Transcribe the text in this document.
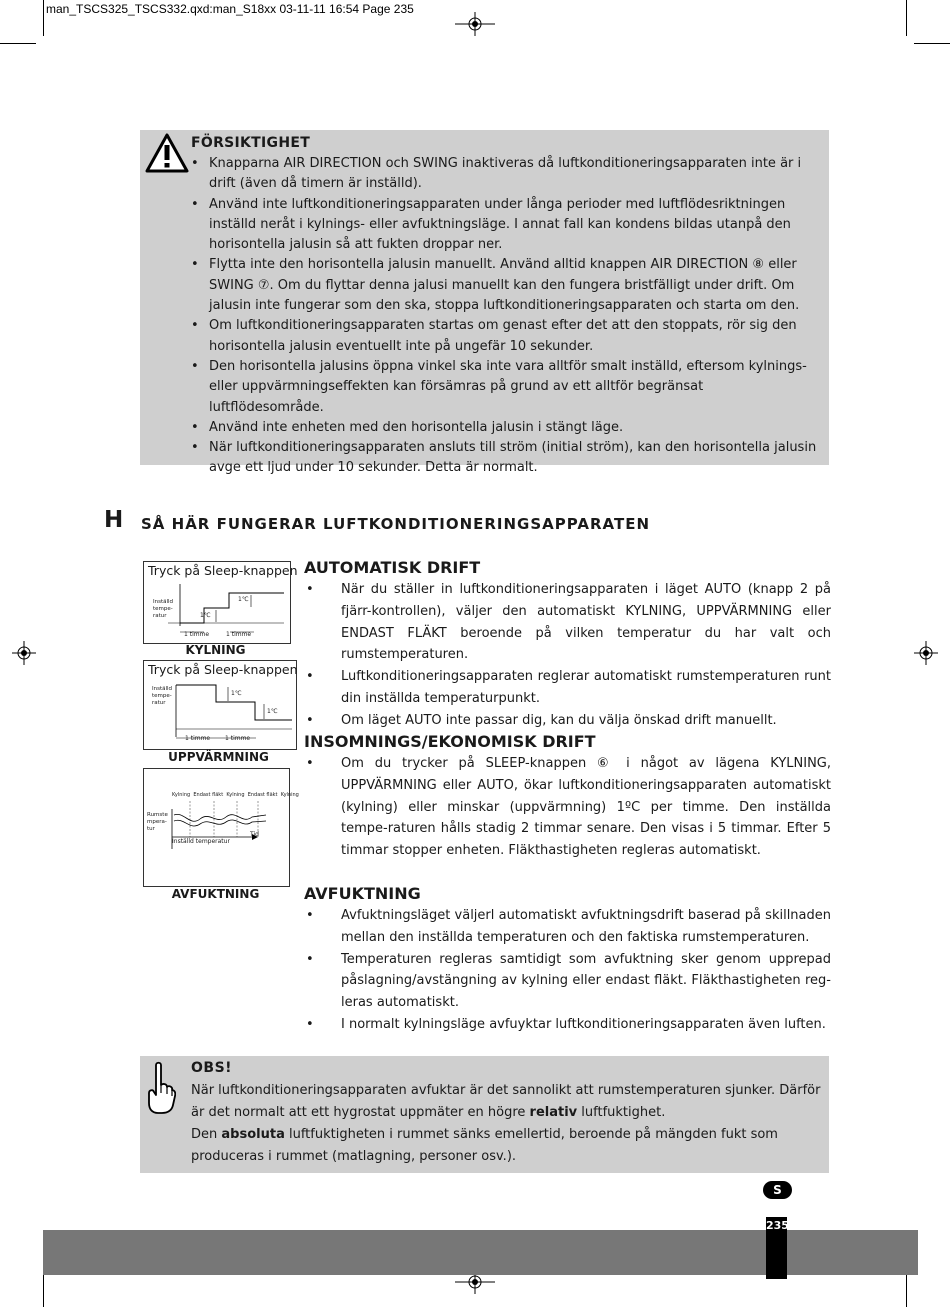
man_TSCS325_TSCS332.qxd:man_S18xx 03-11-11 16:54 Page 235
FÖRSIKTIGHET
• Knapparna AIR DIRECTION och SWING inaktiveras då luftkonditioneringsapparaten inte är i drift (även då timern är inställd).
• Använd inte luftkonditioneringsapparaten under långa perioder med luftflödesriktningen inställd neråt i kylnings- eller avfuktningsläge. I annat fall kan kondens bildas utanpå den horisontella jalusin så att fukten droppar ner.
• Flytta inte den horisontella jalusin manuellt. Använd alltid knappen AIR DIRECTION ⑧ eller SWING ⑦. Om du flyttar denna jalusi manuellt kan den fungera bristfälligt under drift. Om jalusin inte fungerar som den ska, stoppa luftkonditioneringsapparaten och starta om den.
• Om luftkonditioneringsapparaten startas om genast efter det att den stoppats, rör sig den horisontella jalusin eventuellt inte på ungefär 10 sekunder.
• Den horisontella jalusins öppna vinkel ska inte vara alltför smalt inställd, eftersom kylnings- eller uppvärmningseffekten kan försämras på grund av ett alltför begränsat luftflödesområde.
• Använd inte enheten med den horisontella jalusin i stängt läge.
• När luftkonditioneringsapparaten ansluts till ström (initial ström), kan den horisontella jalusin avge ett ljud under 10 sekunder. Detta är normalt.
H SÅ HÄR FUNGERAR LUFTKONDITIONERINGSAPPARATEN
Tryck på Sleep-knappen
Inställd
tempe-
ratur	1℃
1℃
1 timme	1 timme
KYLNING
Tryck på Sleep-knappen
Inställd
tempe-
ratur
1℃
1℃
1 timme 1 timme
UPPVÄRMNING
Kylning Endast fläkt Kylning Endast fläkt Kylning
Rumste
mpera-
tur
Tid
Inställd temperatur
AVFUKTNING
AUTOMATISK DRIFT
• När du ställer in luftkonditioneringsapparaten i läget AUTO (knapp 2 på fjärr-kontrollen), väljer den automatiskt KYLNING, UPPVÄRMNING eller ENDAST FLÄKT beroende på vilken temperatur du har valt och rumstemperaturen.
• Luftkonditioneringsapparaten reglerar automatiskt rumstemperaturen runt din inställda temperaturpunkt.
• Om läget AUTO inte passar dig, kan du välja önskad drift manuellt.
INSOMNINGS/EKONOMISK DRIFT
• Om du trycker på SLEEP-knappen ⑥ i något av lägena KYLNING, UPPVÄRMNING eller AUTO, ökar luftkonditioneringsapparaten automatiskt (kylning) eller minskar (uppvärmning) 1ºC per timme. Den inställda tempe-raturen hålls stadig 2 timmar senare. Den visas i 5 timmar. Efter 5 timmar stopper enheten. Fläkthastigheten regleras automatiskt.
AVFUKTNING
• Avfuktningsläget väljerl automatiskt avfuktningsdrift baserad på skillnaden mellan den inställda temperaturen och den faktiska rumstemperaturen.
• Temperaturen regleras samtidigt som avfuktning sker genom upprepad påslagning/avstängning av kylning eller endast fläkt. Fläkthastigheten reg-leras automatiskt.
• I normalt kylningsläge avfuyktar luftkonditioneringsapparaten även luften.
OBS!
När luftkonditioneringsapparaten avfuktar är det sannolikt att rumstemperaturen sjunker. Därför är det normalt att ett hygrostat uppmäter en högre relativ luftfuktighet.
Den absoluta luftfuktigheten i rummet sänks emellertid, beroende på mängden fukt som produceras i rummet (matlagning, personer osv.).
S
235
